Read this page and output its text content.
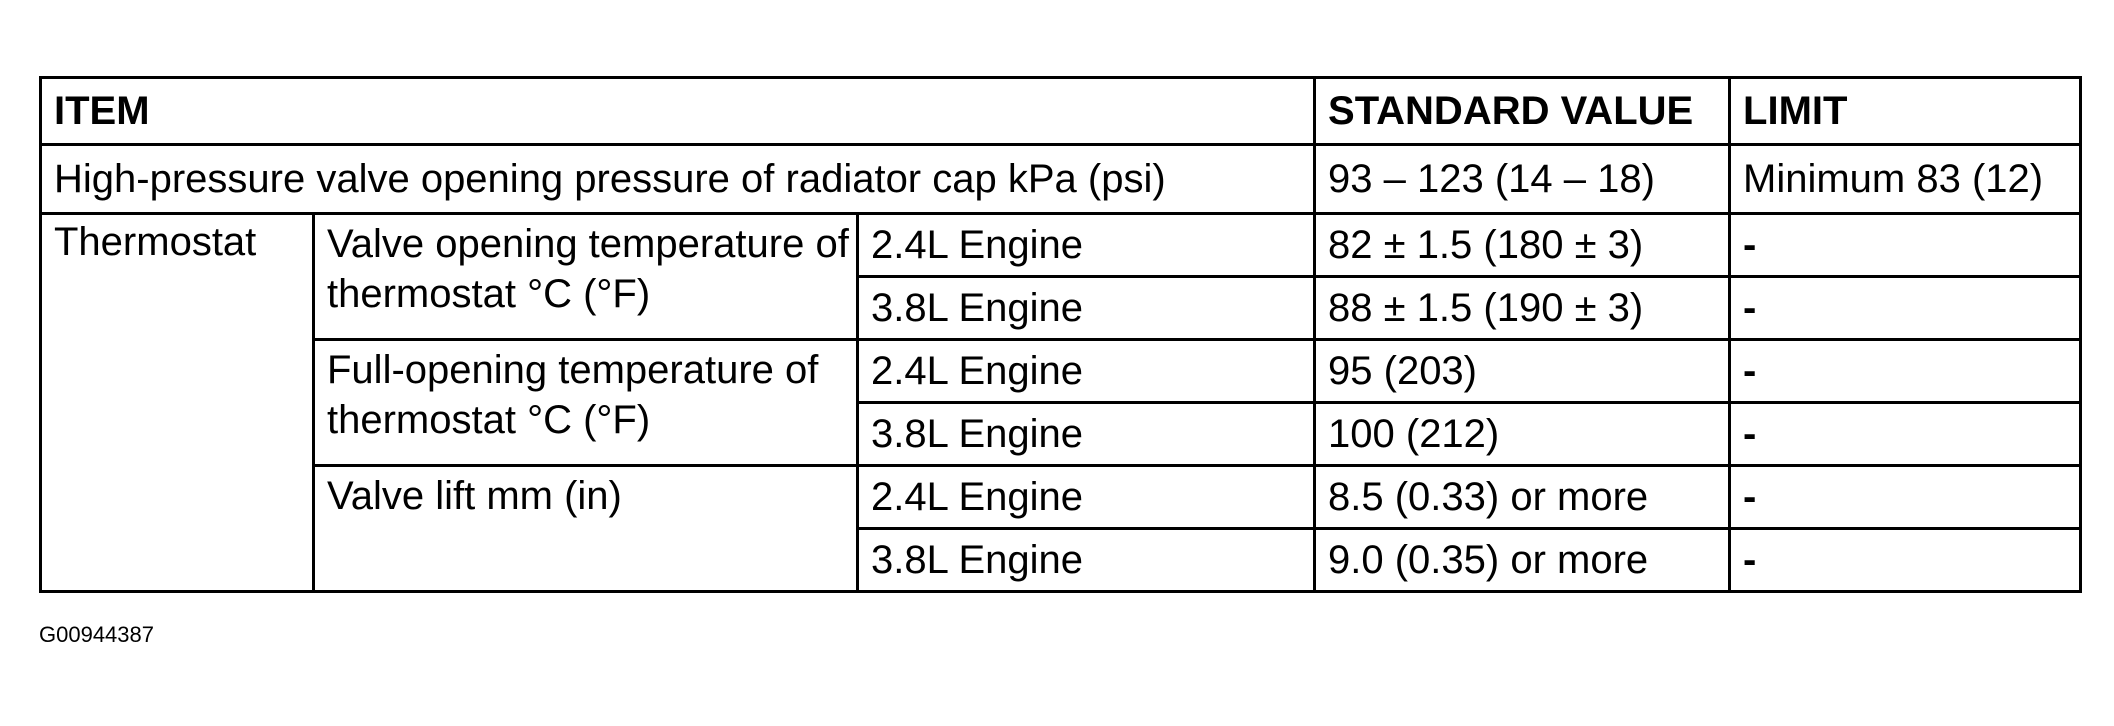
ITEM			STANDARD VALUE	LIMIT
High-pressure valve opening pressure of radiator cap kPa (psi)			93 – 123 (14 – 18)	Minimum 83 (12)
Thermostat	Valve opening temperature of thermostat °C (°F)	2.4L Engine	82 ± 1.5 (180 ± 3)	-
		3.8L Engine	88 ± 1.5 (190 ± 3)	-
	Full-opening temperature of thermostat °C (°F)	2.4L Engine	95 (203)	-
		3.8L Engine	100 (212)	-
	Valve lift mm (in)	2.4L Engine	8.5 (0.33) or more	-
		3.8L Engine	9.0 (0.35) or more	-
G00944387
